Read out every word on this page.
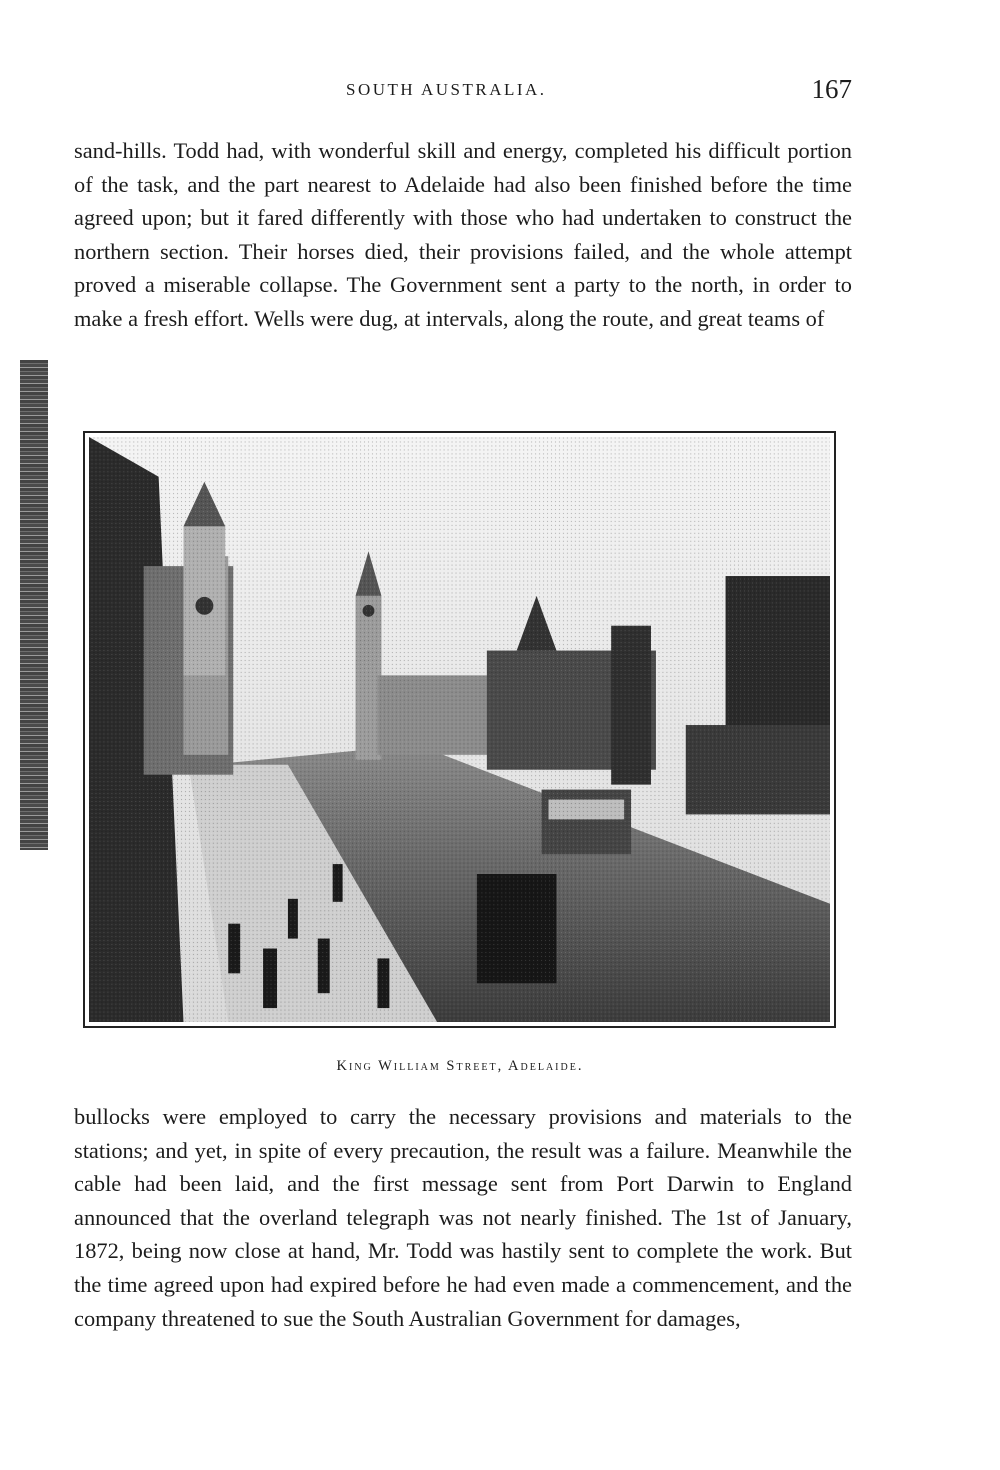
SOUTH AUSTRALIA.	167

sand-hills. Todd had, with wonderful skill and energy, completed his difficult portion of the task, and the part nearest to Adelaide had also been finished before the time agreed upon; but it fared differently with those who had undertaken to construct the northern section. Their horses died, their provisions failed, and the whole attempt proved a miserable collapse. The Government sent a party to the north, in order to make a fresh effort. Wells were dug, at intervals, along the route, and great teams of

King William Street, Adelaide.

bullocks were employed to carry the necessary provisions and materials to the stations; and yet, in spite of every precaution, the result was a failure. Meanwhile the cable had been laid, and the first message sent from Port Darwin to England announced that the overland telegraph was not nearly finished. The 1st of January, 1872, being now close at hand, Mr. Todd was hastily sent to complete the work. But the time agreed upon had expired before he had even made a commencement, and the company threatened to sue the South Australian Government for damages,
